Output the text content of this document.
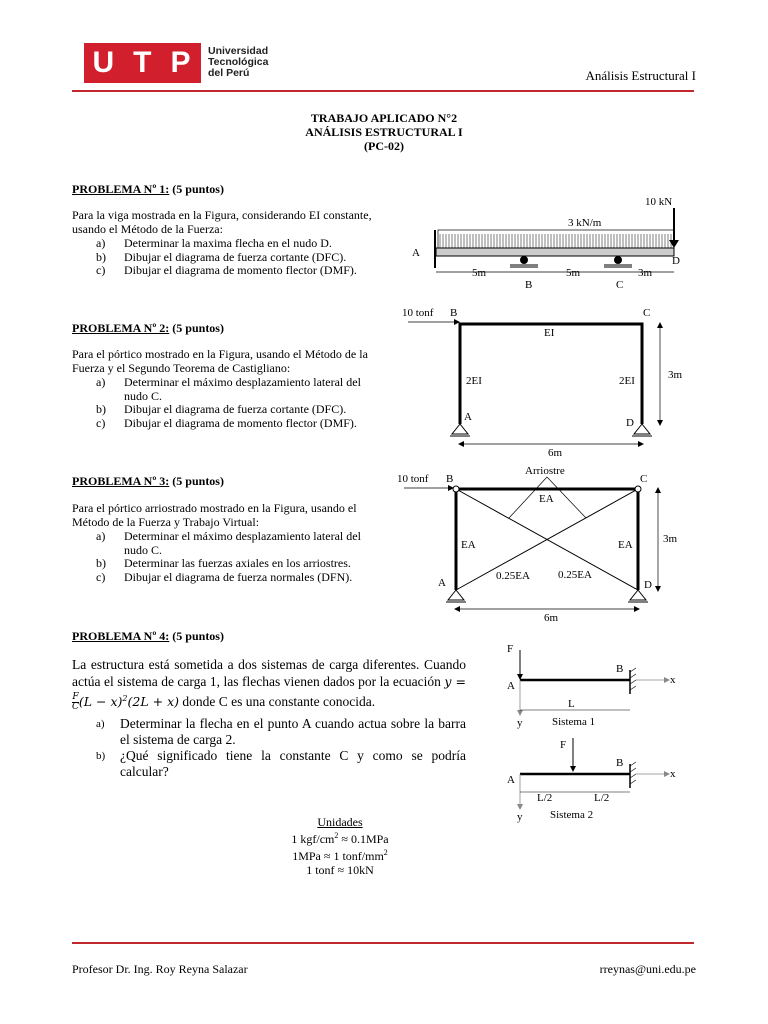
U T P Universidad
Tecnológica
del Perú	Análisis Estructural I
TRABAJO APLICADO N°2
ANÁLISIS ESTRUCTURAL I
(PC-02)
PROBLEMA Nº 1: (5 puntos)
Para la viga mostrada en la Figura, considerando EI constante,
usando el Método de la Fuerza:
a)	Determinar la maxima flecha en el nudo D.
b)	Dibujar el diagrama de fuerza cortante (DFC).
c)	Dibujar el diagrama de momento flector (DMF).
10 kN
3 kN/m
A
B	C
D
5m	5m	3m
PROBLEMA Nº 2: (5 puntos)
Para el pórtico mostrado en la Figura, usando el Método de la
Fuerza y el Segundo Teorema de Castigliano:
a)	Determinar el máximo desplazamiento lateral del
nudo C.
b)	Dibujar el diagrama de fuerza cortante (DFC).
c)	Dibujar el diagrama de momento flector (DMF).
10 tonf B	C
A	D
EI
2EI	2EI	3m
6m
PROBLEMA Nº 3: (5 puntos)
Para el pórtico arriostrado mostrado en la Figura, usando el
Método de la Fuerza y Trabajo Virtual:
a)	Determinar el máximo desplazamiento lateral del
nudo C.
b)	Determinar las fuerzas axiales en los arriostres.
c)	Dibujar el diagrama de fuerza normales (DFN).
10 tonf
Arriostre
B	C
A	D
EA
EA	EA
0.25EA	0.25EA
3m
6m
PROBLEMA Nº 4: (5 puntos)
La estructura está sometida a dos sistemas de carga diferentes. Cuando actúa el sistema de carga 1, las flechas vienen dados por la ecuación y =
$\frac{F}{C} (L - x)^2(2L + x)$ donde C es una constante conocida.
a)	Determinar la flecha en el punto A cuando actua sobre la barra el sistema de carga 2.
b)	¿Qué significado tiene la constante C y como se podría calcular?
F
x
y
A
B
L
Sistema 1
F
x
y
A
B
L/2	L/2
Sistema 2
Unidades
1 kgf/$cm^2 \approx 0.1MPa$
1MPa ≈ 1 tonf/$mm^2$
1 tonf ≈ 10kN
Profesor Dr. Ing. Roy Reyna Salazar	rreynas@uni.edu.pe
